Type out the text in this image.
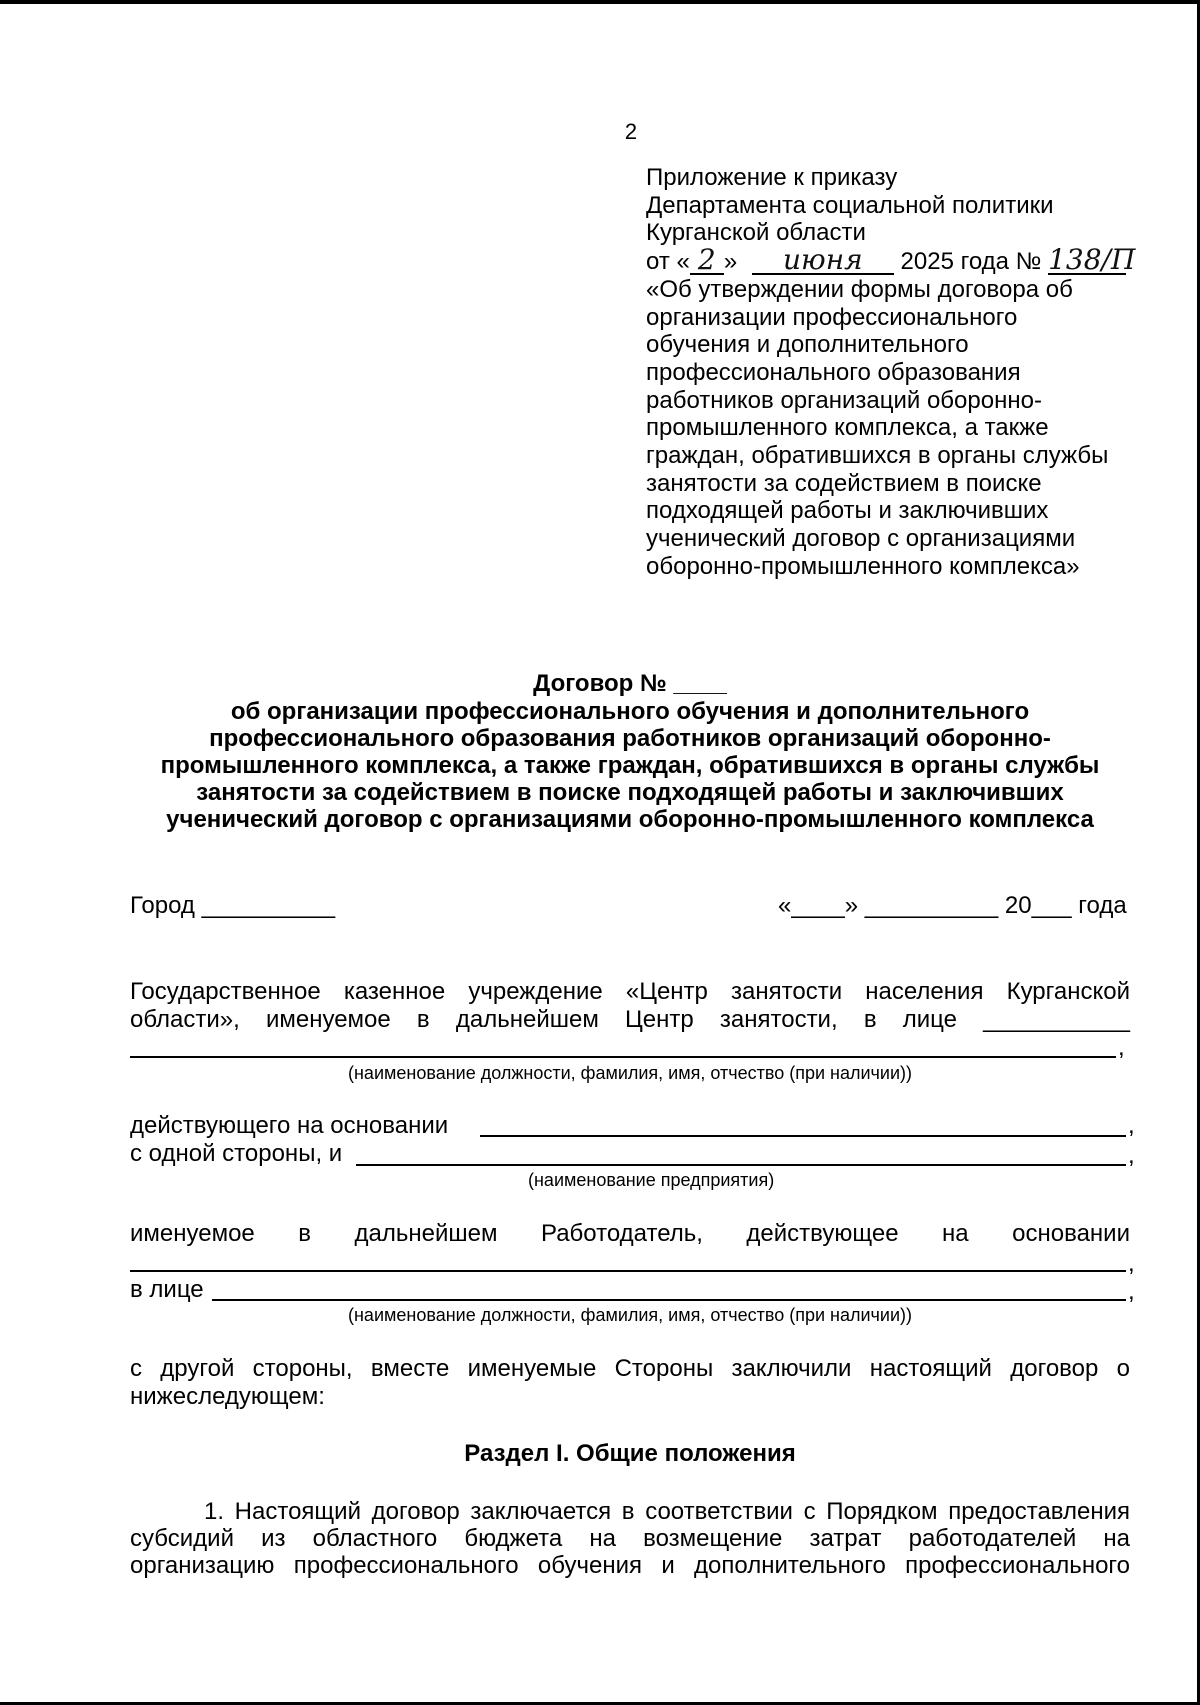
2
Приложение к приказу
Департамента социальной политики
Курганской области
от « 2 » июня 2025 года № 138/П
«Об утверждении формы договора об
организации профессионального
обучения и дополнительного
профессионального образования
работников организаций оборонно-
промышленного комплекса, а также
граждан, обратившихся в органы службы
занятости за содействием в поиске
подходящей работы и заключивших
ученический договор с организациями
оборонно-промышленного комплекса»
Договор № ____
об организации профессионального обучения и дополнительного
профессионального образования работников организаций оборонно-
промышленного комплекса, а также граждан, обратившихся в органы службы
занятости за содействием в поиске подходящей работы и заключивших
ученический договор с организациями оборонно-промышленного комплекса
Город __________	«____» __________ 20___ года
Государственное казенное учреждение «Центр занятости населения Курганской
области», именуемое в дальнейшем Центр занятости, в лице ___________
,
(наименование должности, фамилия, имя, отчество (при наличии))
действующего на основании	,
с одной стороны, и	,
(наименование предприятия)
именуемое в дальнейшем Работодатель, действующее на основании
,
в лице	,
(наименование должности, фамилия, имя, отчество (при наличии))
с другой стороны, вместе именуемые Стороны заключили настоящий договор о
нижеследующем:
Раздел I. Общие положения
1. Настоящий договор заключается в соответствии с Порядком предоставления
субсидий из областного бюджета на возмещение затрат работодателей на
организацию профессионального обучения и дополнительного профессионального
